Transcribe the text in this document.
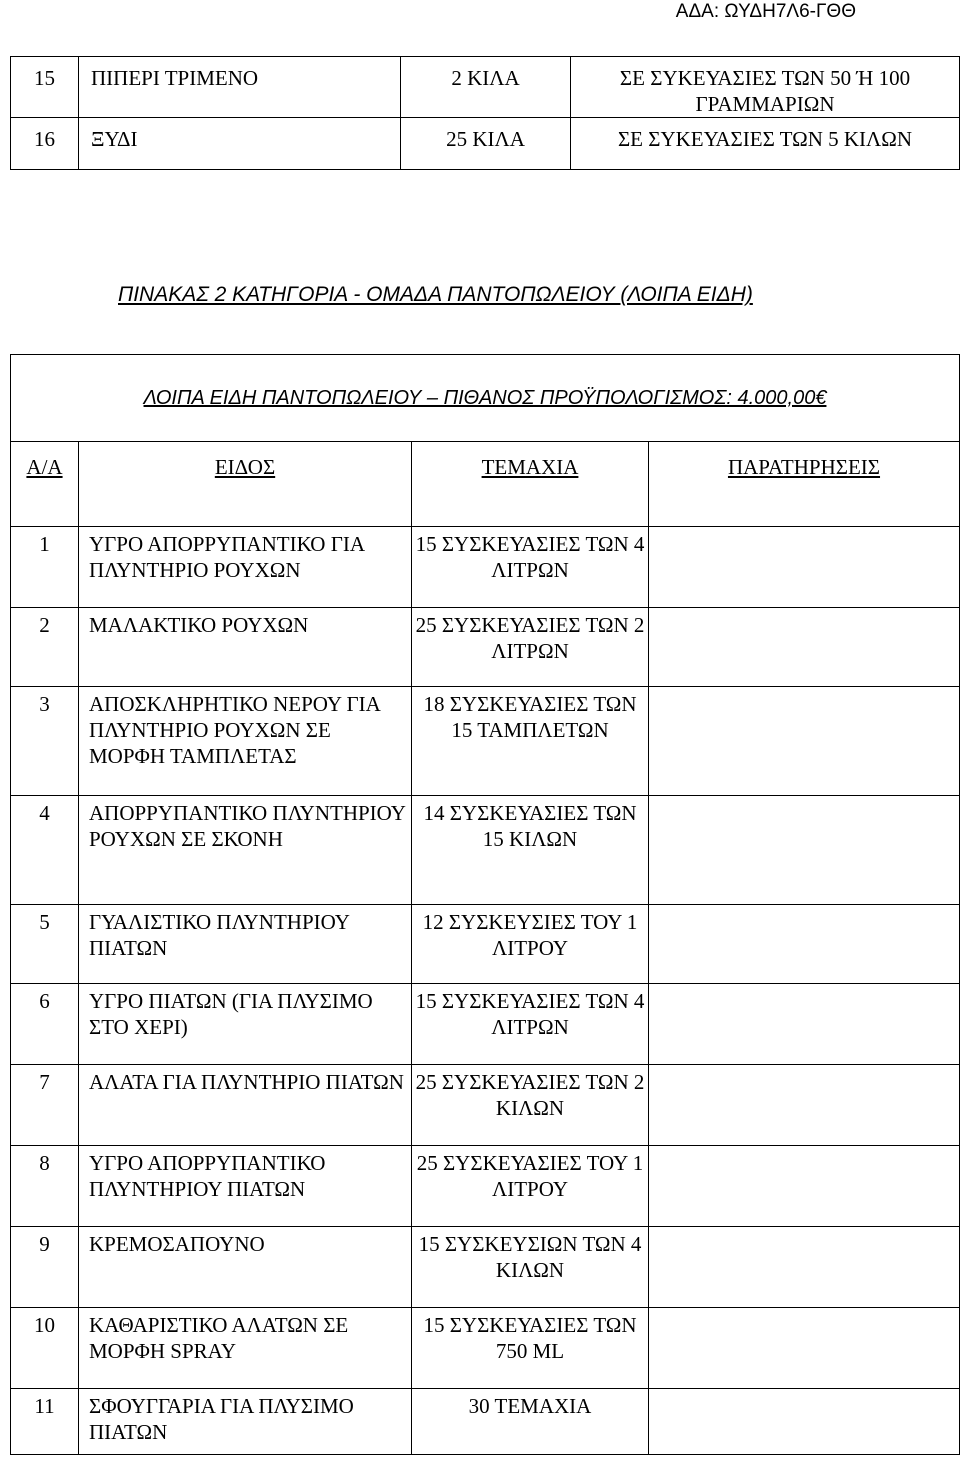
ΑΔΑ: ΩΥΔΗ7Λ6-ΓΘΘ
15	ΠΙΠΕΡΙ ΤΡΙΜΕΝΟ	2 ΚΙΛΑ	ΣΕ ΣΥΚΕΥΑΣΙΕΣ ΤΩΝ 50 Ή 100 ΓΡΑΜΜΑΡΙΩΝ
16	ΞΥΔΙ	25 ΚΙΛΑ	ΣΕ ΣΥΚΕΥΑΣΙΕΣ ΤΩΝ 5 ΚΙΛΩΝ
ΠΙΝΑΚΑΣ 2 ΚΑΤΗΓΟΡΙΑ - ΟΜΑΔΑ ΠΑΝΤΟΠΩΛΕΙΟΥ (ΛΟΙΠΑ ΕΙΔΗ)
ΛΟΙΠΑ ΕΙΔΗ ΠΑΝΤΟΠΩΛΕΙΟΥ – ΠΙΘΑΝΟΣ ΠΡΟΫΠΟΛΟΓΙΣΜΟΣ: 4.000,00€			
Α/Α	ΕΙΔΟΣ	ΤΕΜΑΧΙΑ	ΠΑΡΑΤΗΡΗΣΕΙΣ
1	ΥΓΡΟ ΑΠΟΡΡΥΠΑΝΤΙΚΟ ΓΙΑ ΠΛΥΝΤΗΡΙΟ ΡΟΥΧΩΝ	15 ΣΥΣΚΕΥΑΣΙΕΣ ΤΩΝ 4 ΛΙΤΡΩΝ	
2	ΜΑΛΑΚΤΙΚΟ ΡΟΥΧΩΝ	25 ΣΥΣΚΕΥΑΣΙΕΣ ΤΩΝ 2 ΛΙΤΡΩΝ	
3	ΑΠΟΣΚΛΗΡΗΤΙΚΟ ΝΕΡΟΥ ΓΙΑ ΠΛΥΝΤΗΡΙΟ ΡΟΥΧΩΝ ΣΕ ΜΟΡΦΗ ΤΑΜΠΛΕΤΑΣ	18 ΣΥΣΚΕΥΑΣΙΕΣ ΤΩΝ 15 ΤΑΜΠΛΕΤΩΝ	
4	ΑΠΟΡΡΥΠΑΝΤΙΚΟ ΠΛΥΝΤΗΡΙΟΥ ΡΟΥΧΩΝ ΣΕ ΣΚΟΝΗ	14 ΣΥΣΚΕΥΑΣΙΕΣ ΤΩΝ 15 ΚΙΛΩΝ	
5	ΓΥΑΛΙΣΤΙΚΟ ΠΛΥΝΤΗΡΙΟΥ ΠΙΑΤΩΝ	12 ΣΥΣΚΕΥΣΙΕΣ ΤΟΥ 1 ΛΙΤΡΟΥ	
6	ΥΓΡΟ ΠΙΑΤΩΝ (ΓΙΑ ΠΛΥΣΙΜΟ ΣΤΟ ΧΕΡΙ)	15 ΣΥΣΚΕΥΑΣΙΕΣ ΤΩΝ 4 ΛΙΤΡΩΝ	
7	ΑΛΑΤΑ ΓΙΑ ΠΛΥΝΤΗΡΙΟ ΠΙΑΤΩΝ	25 ΣΥΣΚΕΥΑΣΙΕΣ ΤΩΝ 2 ΚΙΛΩΝ	
8	ΥΓΡΟ ΑΠΟΡΡΥΠΑΝΤΙΚΟ ΠΛΥΝΤΗΡΙΟΥ ΠΙΑΤΩΝ	25 ΣΥΣΚΕΥΑΣΙΕΣ ΤΟΥ 1 ΛΙΤΡΟΥ	
9	ΚΡΕΜΟΣΑΠΟΥΝΟ	15 ΣΥΣΚΕΥΣΙΩΝ ΤΩΝ 4 ΚΙΛΩΝ	
10	ΚΑΘΑΡΙΣΤΙΚΟ ΑΛΑΤΩΝ ΣΕ ΜΟΡΦΗ SPRAY	15 ΣΥΣΚΕΥΑΣΙΕΣ ΤΩΝ 750 ML	
11	ΣΦΟΥΓΓΑΡΙΑ ΓΙΑ ΠΛΥΣΙΜΟ ΠΙΑΤΩΝ	30 ΤΕΜΑΧΙΑ	
